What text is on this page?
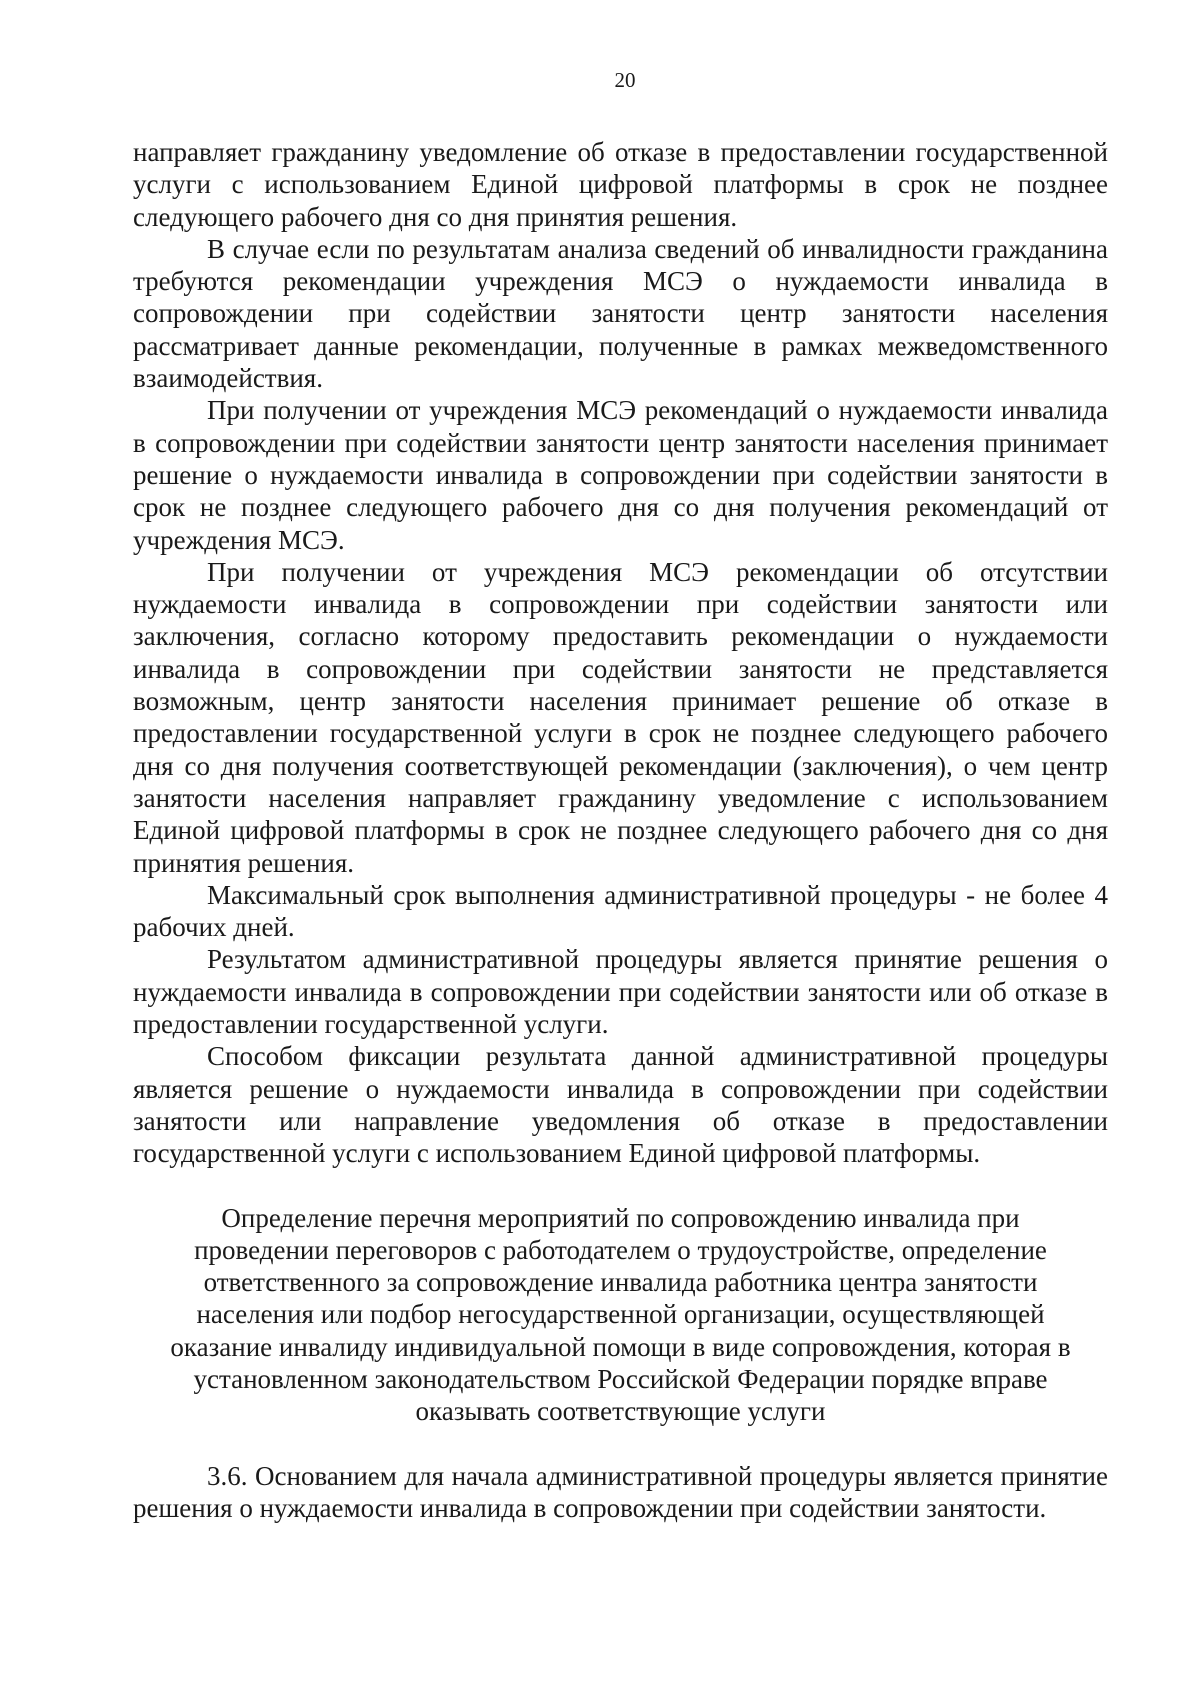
20

направляет гражданину уведомление об отказе в предоставлении государственной услуги с использованием Единой цифровой платформы в срок не позднее следующего рабочего дня со дня принятия решения.

В случае если по результатам анализа сведений об инвалидности гражданина требуются рекомендации учреждения МСЭ о нуждаемости инвалида в сопровождении при содействии занятости центр занятости населения рассматривает данные рекомендации, полученные в рамках межведомственного взаимодействия.

При получении от учреждения МСЭ рекомендаций о нуждаемости инвалида в сопровождении при содействии занятости центр занятости населения принимает решение о нуждаемости инвалида в сопровождении при содействии занятости в срок не позднее следующего рабочего дня со дня получения рекомендаций от учреждения МСЭ.

При получении от учреждения МСЭ рекомендации об отсутствии нуждаемости инвалида в сопровождении при содействии занятости или заключения, согласно которому предоставить рекомендации о нуждаемости инвалида в сопровождении при содействии занятости не представляется возможным, центр занятости населения принимает решение об отказе в предоставлении государственной услуги в срок не позднее следующего рабочего дня со дня получения соответствующей рекомендации (заключения), о чем центр занятости населения направляет гражданину уведомление с использованием Единой цифровой платформы в срок не позднее следующего рабочего дня со дня принятия решения.

Максимальный срок выполнения административной процедуры - не более 4 рабочих дней.

Результатом административной процедуры является принятие решения о нуждаемости инвалида в сопровождении при содействии занятости или об отказе в предоставлении государственной услуги.

Способом фиксации результата данной административной процедуры является решение о нуждаемости инвалида в сопровождении при содействии занятости или направление уведомления об отказе в предоставлении государственной услуги с использованием Единой цифровой платформы.

Определение перечня мероприятий по сопровождению инвалида при проведении переговоров с работодателем о трудоустройстве, определение ответственного за сопровождение инвалида работника центра занятости населения или подбор негосударственной организации, осуществляющей оказание инвалиду индивидуальной помощи в виде сопровождения, которая в установленном законодательством Российской Федерации порядке вправе оказывать соответствующие услуги

3.6. Основанием для начала административной процедуры является принятие решения о нуждаемости инвалида в сопровождении при содействии занятости.
